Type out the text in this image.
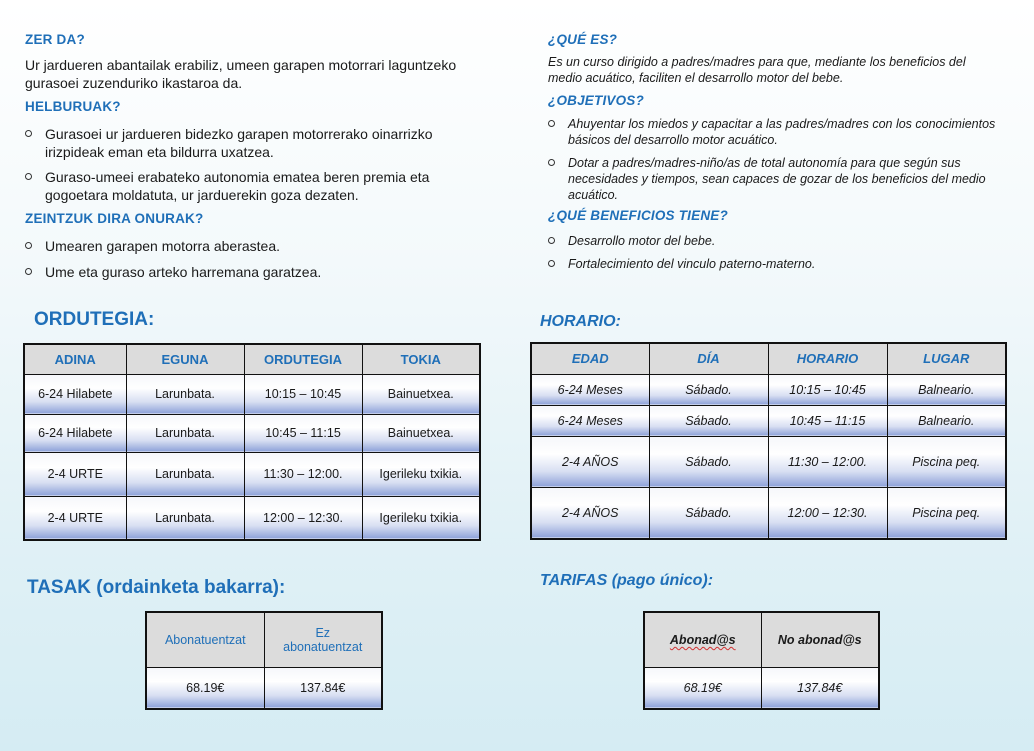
ZER DA?

Ur jardueren abantailak erabiliz, umeen garapen motorrari laguntzeko gurasoei zuzenduriko ikastaroa da.

HELBURUAK?

Gurasoei ur jardueren bidezko garapen motorrerako oinarrizko irizpideak eman eta bildurra uxatzea.

Guraso-umeei erabateko autonomia ematea beren premia eta gogoetara moldatuta, ur jarduerekin goza dezaten.

ZEINTZUK DIRA ONURAK?

Umearen garapen motorra aberastea.

Ume eta guraso arteko harremana garatzea.

ORDUTEGIA:
ADINA	EGUNA	ORDUTEGIA	TOKIA
6-24 Hilabete	Larunbata.	10:15 – 10:45	Bainuetxea.
6-24 Hilabete	Larunbata.	10:45 – 11:15	Bainuetxea.
2-4 URTE	Larunbata.	11:30 – 12:00.	Igerileku txikia.
2-4 URTE	Larunbata.	12:00 – 12:30.	Igerileku txikia.
TASAK (ordainketa bakarra):
Abonatuentzat	Ez abonatuentzat
68.19€	137.84€
¿QUÉ ES?

Es un curso dirigido a padres/madres para que, mediante los beneficios del medio acuático, faciliten el desarrollo motor del bebe.

¿OBJETIVOS?

Ahuyentar los miedos y capacitar a las padres/madres con los conocimientos básicos del desarrollo motor acuático.

Dotar a padres/madres-niño/as de total autonomía para que según sus necesidades y tiempos, sean capaces de gozar de los beneficios del medio acuático.

¿QUÉ BENEFICIOS TIENE?

Desarrollo motor del bebe.

Fortalecimiento del vinculo paterno-materno.

HORARIO:
EDAD	DÍA	HORARIO	LUGAR
6-24 Meses	Sábado.	10:15 – 10:45	Balneario.
6-24 Meses	Sábado.	10:45 – 11:15	Balneario.
2-4 AÑOS	Sábado.	11:30 – 12:00.	Piscina peq.
2-4 AÑOS	Sábado.	12:00 – 12:30.	Piscina peq.
TARIFAS (pago único):
Abonad@s	No abonad@s
68.19€	137.84€
